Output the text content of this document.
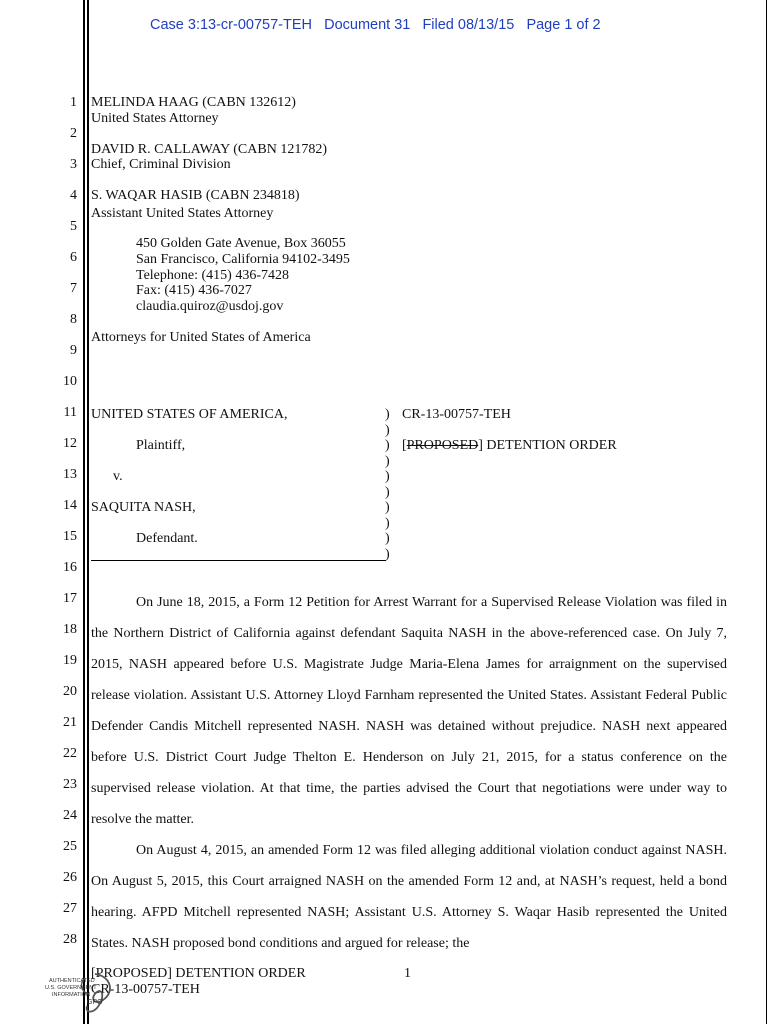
Case 3:13-cr-00757-TEH Document 31 Filed 08/13/15 Page 1 of 2
1
2
3
4
5
6
7
8
9
10
11
12
13
14
15
16
17
18
19
20
21
22
23
24
25
26
27
28
MELINDA HAAG (CABN 132612)
United States Attorney
DAVID R. CALLAWAY (CABN 121782)
Chief, Criminal Division
S. WAQAR HASIB (CABN 234818)
Assistant United States Attorney
450 Golden Gate Avenue, Box 36055
San Francisco, California 94102-3495
Telephone: (415) 436-7428
Fax: (415) 436-7027
claudia.quiroz@usdoj.gov
Attorneys for United States of America
UNITED STATES OF AMERICA,
Plaintiff,
v.
SAQUITA NASH,
Defendant.
)
)
)
)
)
)
)
)
)
)
CR-13-00757-TEH
[PROPOSED] DETENTION ORDER
On June 18, 2015, a Form 12 Petition for Arrest Warrant for a Supervised Release Violation was filed in the Northern District of California against defendant Saquita NASH in the above-referenced case. On July 7, 2015, NASH appeared before U.S. Magistrate Judge Maria-Elena James for arraignment on the supervised release violation. Assistant U.S. Attorney Lloyd Farnham represented the United States. Assistant Federal Public Defender Candis Mitchell represented NASH. NASH was detained without prejudice. NASH next appeared before U.S. District Court Judge Thelton E. Henderson on July 21, 2015, for a status conference on the supervised release violation. At that time, the parties advised the Court that negotiations were under way to resolve the matter.
On August 4, 2015, an amended Form 12 was filed alleging additional violation conduct against NASH. On August 5, 2015, this Court arraigned NASH on the amended Form 12 and, at NASH’s request, held a bond hearing. AFPD Mitchell represented NASH; Assistant U.S. Attorney S. Waqar Hasib represented the United States. NASH proposed bond conditions and argued for release; the
[PROPOSED] DETENTION ORDER
CR-13-00757-TEH
1
AUTHENTICATED
U.S. GOVERNMENT
INFORMATION
GPO
